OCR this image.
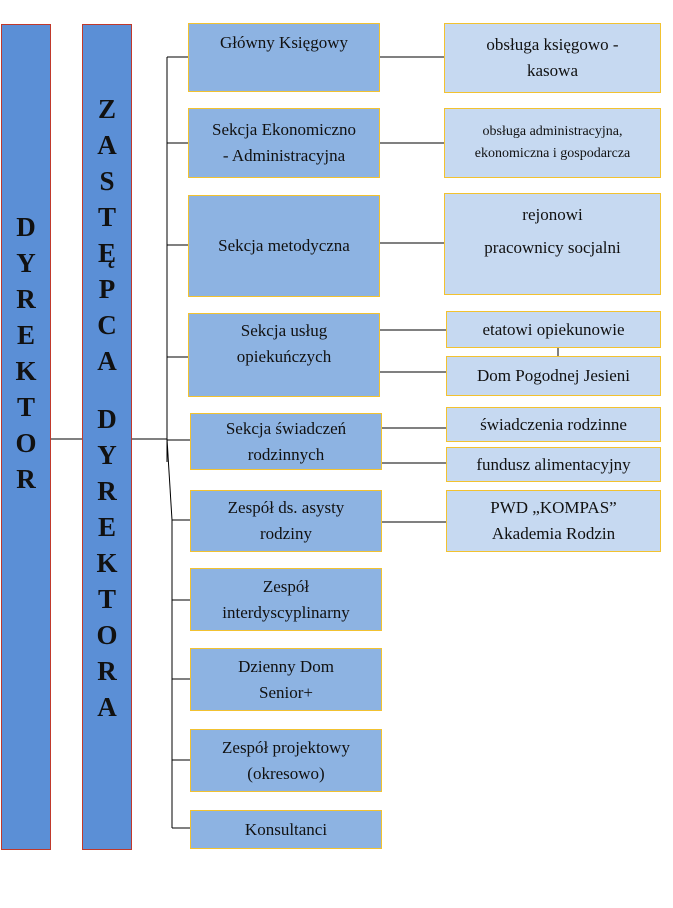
D
Y
R
E
K
T
O
R
Z
A
S
T
Ę
P
C
A
D
Y
R
E
K
T
O
R
A
Główny Księgowy
Sekcja Ekonomiczno
- Administracyjna
Sekcja metodyczna
Sekcja usług
opiekuńczych
Sekcja świadczeń
rodzinnych
Zespół ds. asysty
rodziny
Zespół
interdyscyplinarny
Dzienny Dom
Senior+
Zespół projektowy
(okresowo)
Konsultanci
obsługa księgowo -
kasowa
obsługa administracyjna,
ekonomiczna i gospodarcza
rejonowi
pracownicy socjalni
etatowi opiekunowie
Dom Pogodnej Jesieni
świadczenia rodzinne
fundusz alimentacyjny
PWD „KOMPAS”
Akademia Rodzin
